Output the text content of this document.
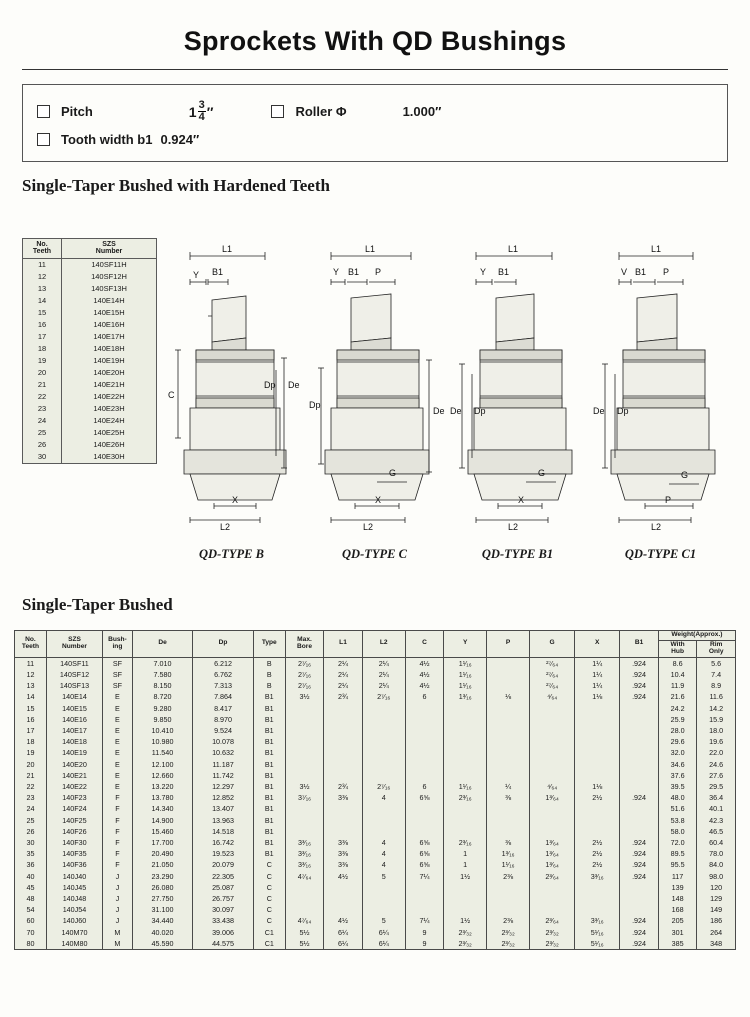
Sprockets With QD Bushings
Pitch	$1 \frac{3}{4}$ ″	Roller Φ	1.000″
Tooth width b1 0.924″
Single-Taper Bushed with Hardened Teeth
No.
Teeth	SZS
Number
11	140SF11H
12	140SF12H
13	140SF13H
14	140E14H
15	140E15H
16	140E16H
17	140E17H
18	140E18H
19	140E19H
20	140E20H
21	140E21H
22	140E22H
23	140E23H
24	140E24H
25	140E25H
26	140E26H
30	140E30H
L1
Y B1
C
De
Dp
X
L2
QD-TYPE B
L1
Y B1 P
Dp
De
G
X
L2
QD-TYPE C
L1
Y B1
De Dp
G
X
L2
QD-TYPE B1
L1
V B1 P
De Dp
G
P
L2
QD-TYPE C1
Single-Taper Bushed
No.
Teeth	SZS
Number	Bush-
ing	De	Dp	Type	Max.
Bore	L1	L2	C	Y	P	G	X	B1	Weight(Approx.)	
															With
Hub	Rim
Only
11	140SF11	SF	7.010	6.212	B	2⁷⁄₁₆	2¼	2¼	4½	1¹⁄₁₆		²⁷⁄₆₄	1¼	.924	8.6	5.6
12	140SF12	SF	7.580	6.762	B	2⁷⁄₁₆	2¼	2¼	4½	1¹⁄₁₆		²⁷⁄₆₄	1¼	.924	10.4	7.4
13	140SF13	SF	8.150	7.313	B	2⁷⁄₁₆	2¼	2¼	4½	1¹⁄₁₆		²⁷⁄₆₄	1¼	.924	11.9	8.9
14	140E14	E	8.720	7.864	B1	3½	2¾	2⁷⁄₁₆	6	1³⁄₁₆	⅛	⁴⁄₆₄	1⅛	.924	21.6	11.6
15	140E15	E	9.280	8.417	B1										24.2	14.2
16	140E16	E	9.850	8.970	B1										25.9	15.9
17	140E17	E	10.410	9.524	B1										28.0	18.0
18	140E18	E	10.980	10.078	B1										29.6	19.6
19	140E19	E	11.540	10.632	B1										32.0	22.0
20	140E20	E	12.100	11.187	B1										34.6	24.6
21	140E21	E	12.660	11.742	B1										37.6	27.6
22	140E22	E	13.220	12.297	B1	3½	2¾	2⁷⁄₁₆	6	1¹⁄₁₆	¼	⁴⁄₆₄	1⅛		39.5	29.5
23	140F23	F	13.780	12.852	B1	3⁷⁄₁₆	3⅜	4	6⅝	2³⁄₁₆	⅜	1³⁄₆₄	2½	.924	48.0	36.4
24	140F24	F	14.340	13.407	B1										51.6	40.1
25	140F25	F	14.900	13.963	B1										53.8	42.3
26	140F26	F	15.460	14.518	B1										58.0	46.5
30	140F30	F	17.700	16.742	B1	3³⁄₁₆	3⅜	4	6⅝	2³⁄₁₆	⅜	1³⁄₆₄	2½	.924	72.0	60.4
35	140F35	F	20.490	19.523	B1	3³⁄₁₆	3⅜	4	6⅝	1	1³⁄₁₆	1³⁄₆₄	2½	.924	89.5	78.0
36	140F36	F	21.050	20.079	C	3³⁄₁₆	3⅜	4	6⅝	1	1¹⁄₁₆	1³⁄₆₄	2½	.924	95.5	84.0
40	140J40	J	23.290	22.305	C	4⁷⁄₆₄	4½	5	7¼	1½	2⅜	2³⁄₆₄	3³⁄₁₆	.924	117	98.0
45	140J45	J	26.080	25.087	C										139	120
48	140J48	J	27.750	26.757	C										148	129
54	140J54	J	31.100	30.097	C										168	149
60	140J60	J	34.440	33.438	C	4⁷⁄₆₄	4½	5	7¼	1½	2⅜	2³⁄₆₄	3³⁄₁₆	.924	205	186
70	140M70	M	40.020	39.006	C1	5½	6¼	6¼	9	2³⁄₃₂	2³⁄₃₂	2³⁄₃₂	5¹⁄₁₆	.924	301	264
80	140M80	M	45.590	44.575	C1	5½	6¼	6¼	9	2³⁄₃₂	2³⁄₃₂	2³⁄₃₂	5¹⁄₁₆	.924	385	348
